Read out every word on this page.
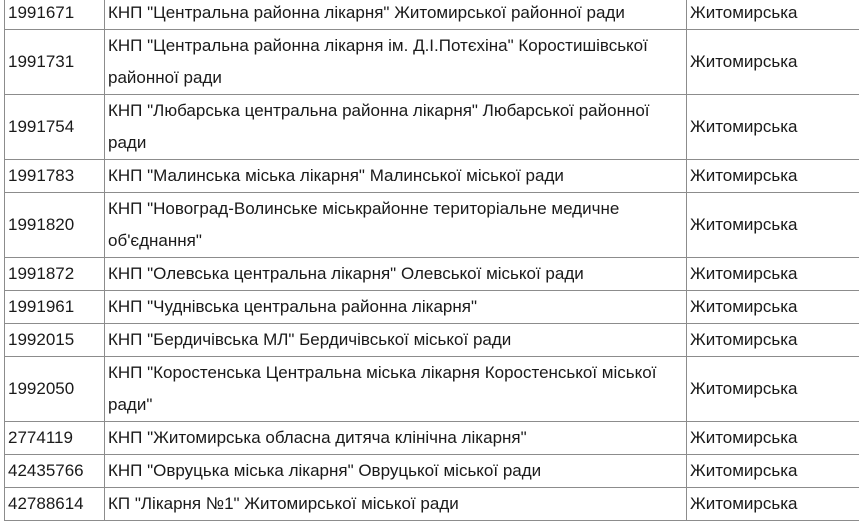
1991671	КНП "Центральна районна лікарня" Житомирської районної ради	Житомирська
1991731	КНП "Центральна районна лікарня ім. Д.І.Потєхіна" Коростишівської районної ради	Житомирська
1991754	КНП "Любарська центральна районна лікарня" Любарської районної ради	Житомирська
1991783	КНП "Малинська міська лікарня" Малинської міської ради	Житомирська
1991820	КНП "Новоград-Волинське міськрайонне територіальне медичне об'єднання"	Житомирська
1991872	КНП "Олевська центральна лікарня" Олевської міської ради	Житомирська
1991961	КНП "Чуднівська центральна районна лікарня"	Житомирська
1992015	КНП "Бердичівська МЛ" Бердичівської міської ради	Житомирська
1992050	КНП "Коростенська Центральна міська лікарня Коростенської міської ради"	Житомирська
2774119	КНП "Житомирська обласна дитяча клінічна лікарня"	Житомирська
42435766	КНП "Овруцька міська лікарня" Овруцької міської ради	Житомирська
42788614	КП "Лікарня №1" Житомирської міської ради	Житомирська
